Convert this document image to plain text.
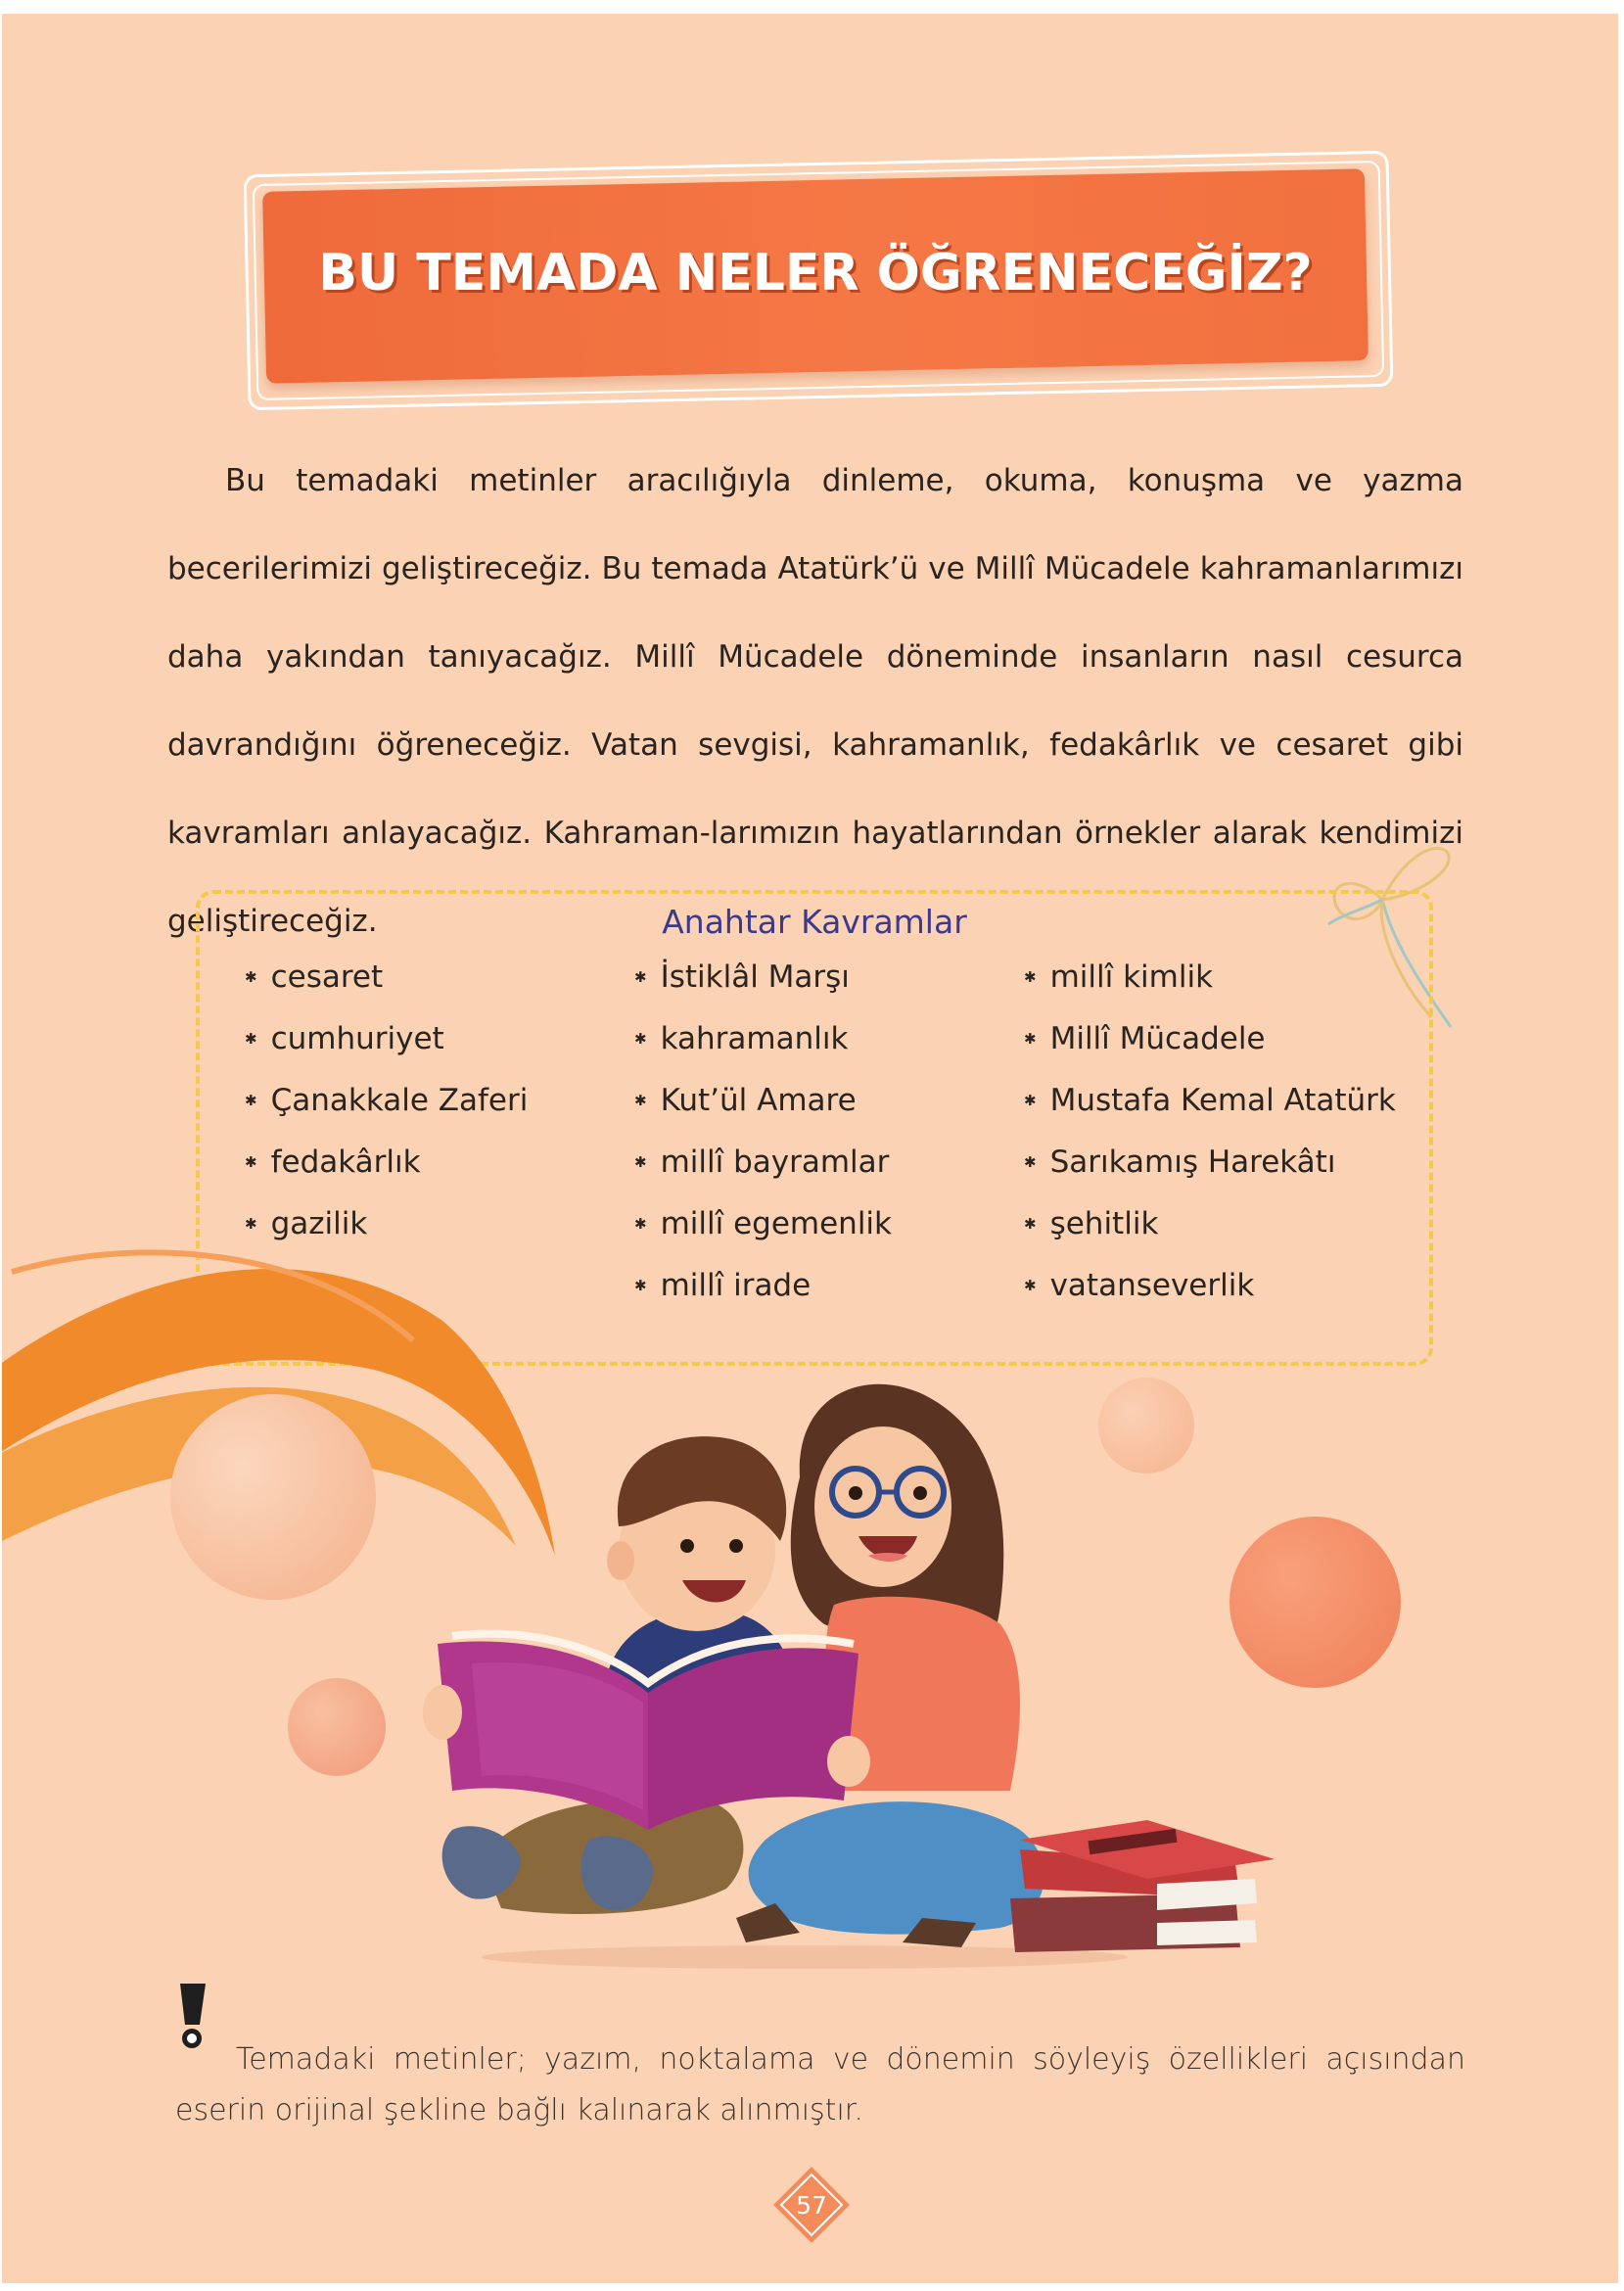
BU TEMADA NELER ÖĞRENECEĞİZ?

Bu temadaki metinler aracılığıyla dinleme, okuma, konuşma ve yazma becerilerimizi geliştireceğiz. Bu temada Atatürk’ü ve Millî Mücadele kahramanlarımızı daha yakından tanıyacağız. Millî Mücadele döneminde insanların nasıl cesurca davrandığını öğreneceğiz. Vatan sevgisi, kahramanlık, fedakârlık ve cesaret gibi kavramları anlayacağız. Kahraman-larımızın hayatlarından örnekler alarak kendimizi geliştireceğiz.	Anahtar Kavramlar
✱ cesaret
✱ cumhuriyet
✱ Çanakkale Zaferi
✱ fedakârlık
✱ gazilik
✱ İstiklâl Marşı
✱ kahramanlık
✱ Kut’ül Amare
✱ millî bayramlar
✱ millî egemenlik
✱ millî irade
✱ millî kimlik
✱ Millî Mücadele
✱ Mustafa Kemal Atatürk
✱ Sarıkamış Harekâtı
✱ şehitlik
✱ vatanseverlik

Temadaki metinler; yazım, noktalama ve dönemin söyleyiş özellikleri açısından eserin orijinal şekline bağlı kalınarak alınmıştır.

57
